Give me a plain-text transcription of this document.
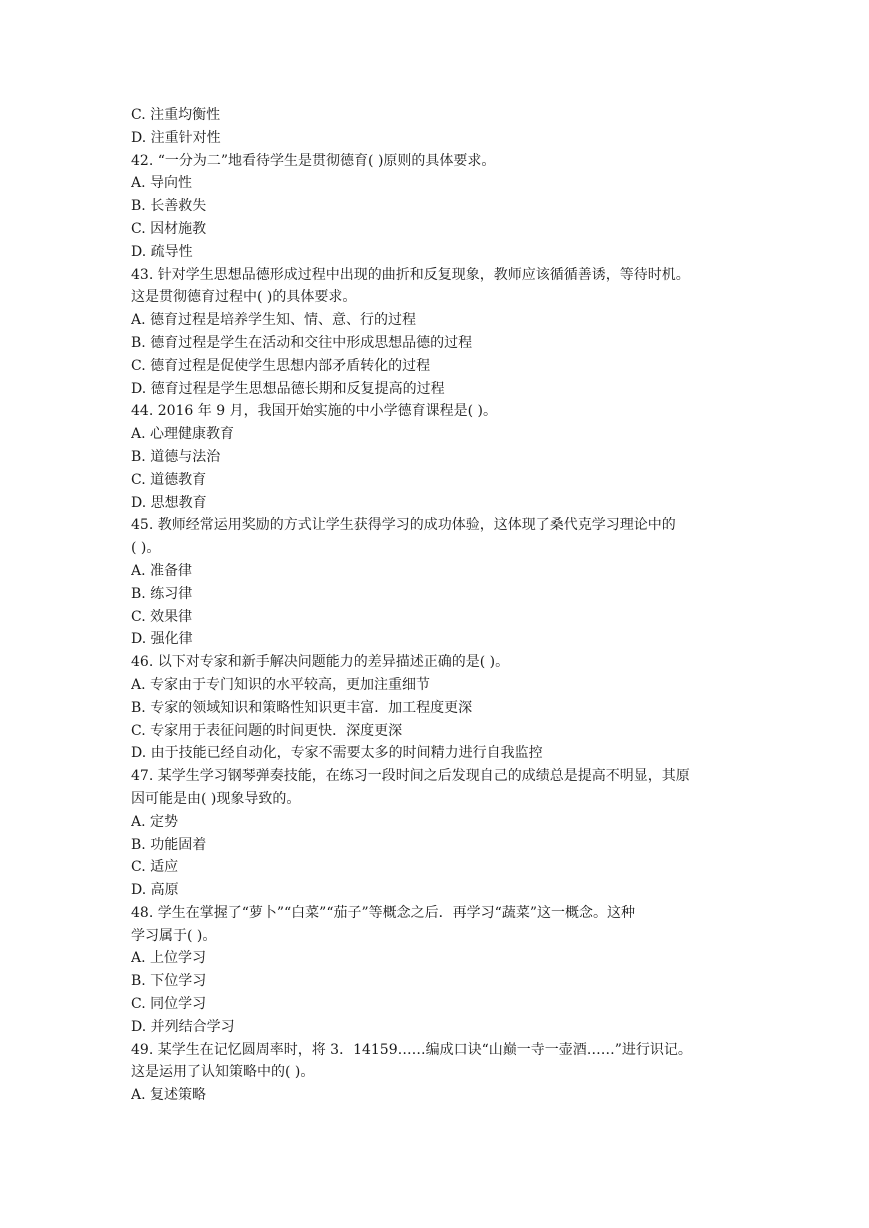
C. 注重均衡性
D. 注重针对性
42. “一分为二”地看待学生是贯彻德育( )原则的具体要求。
A. 导向性
B. 长善救失
C. 因材施教
D. 疏导性
43. 针对学生思想品德形成过程中出现的曲折和反复现象，教师应该循循善诱，等待时机。
这是贯彻德育过程中( )的具体要求。
A. 德育过程是培养学生知、情、意、行的过程
B. 德育过程是学生在活动和交往中形成思想品德的过程
C. 德育过程是促使学生思想内部矛盾转化的过程
D. 德育过程是学生思想品德长期和反复提高的过程
44. 2016 年 9 月，我国开始实施的中小学德育课程是( )。
A. 心理健康教育
B. 道德与法治
C. 道德教育
D. 思想教育
45. 教师经常运用奖励的方式让学生获得学习的成功体验，这体现了桑代克学习理论中的
( )。
A. 准备律
B. 练习律
C. 效果律
D. 强化律
46. 以下对专家和新手解决问题能力的差异描述正确的是( )。
A. 专家由于专门知识的水平较高，更加注重细节
B. 专家的领域知识和策略性知识更丰富．加工程度更深
C. 专家用于表征问题的时间更快．深度更深
D. 由于技能已经自动化，专家不需要太多的时间精力进行自我监控
47. 某学生学习钢琴弹奏技能，在练习一段时间之后发现自己的成绩总是提高不明显，其原
因可能是由( )现象导致的。
A. 定势
B. 功能固着
C. 适应
D. 高原
48. 学生在掌握了“萝卜”“白菜”“茄子”等概念之后．再学习“蔬菜”这一概念。这种
学习属于( )。
A. 上位学习
B. 下位学习
C. 同位学习
D. 并列结合学习
49. 某学生在记忆圆周率时，将 3．14159……编成口诀“山巅一寺一壶酒……”进行识记。
这是运用了认知策略中的( )。
A. 复述策略
